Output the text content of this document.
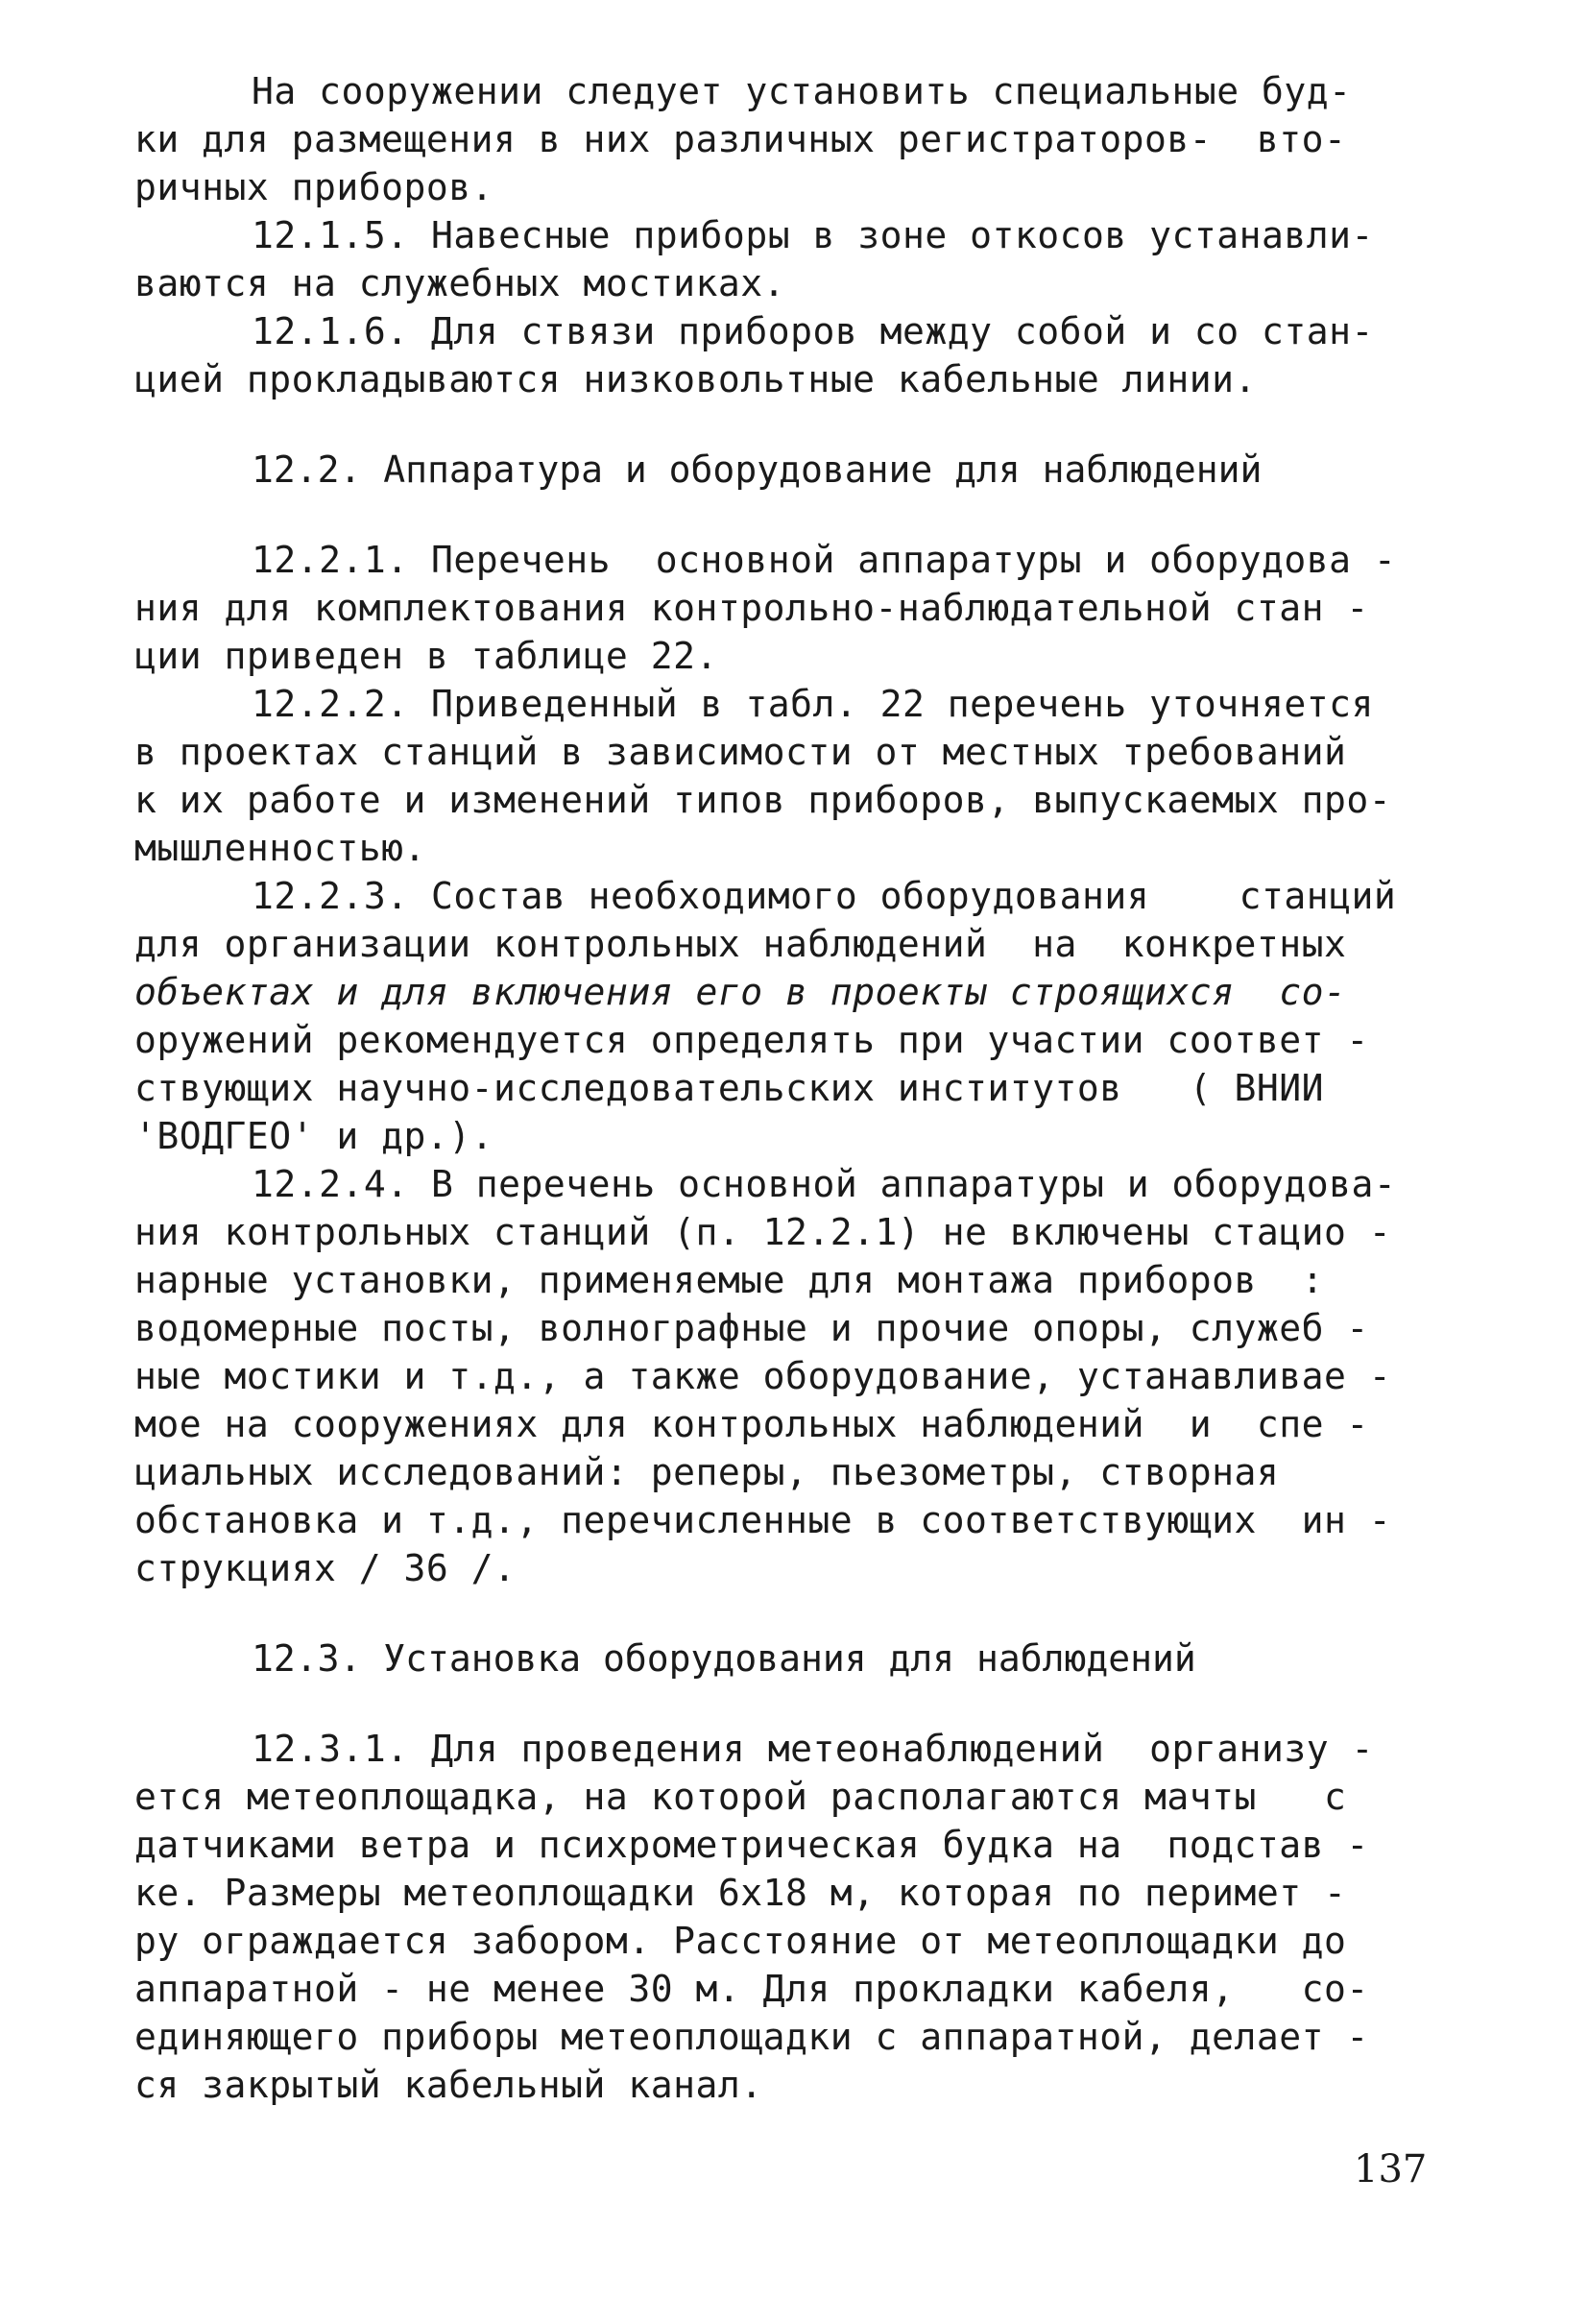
На сооружении следует установить специальные буд-
ки для размещения в них различных регистраторов-  вто-
ричных приборов.
12.1.5. Навесные приборы в зоне откосов устанавли-
ваются на служебных мостиках.
12.1.6. Для ствязи приборов между собой и со стан-
цией прокладываются низковольтные кабельные линии.
12.2. Аппаратура и оборудование для наблюдений
12.2.1. Перечень  основной аппаратуры и оборудова -
ния для комплектования контрольно-наблюдательной стан -
ции приведен в таблице 22.
12.2.2. Приведенный в табл. 22 перечень уточняется
в проектах станций в зависимости от местных требований
к их работе и изменений типов приборов, выпускаемых про-
мышленностью.
12.2.3. Состав необходимого оборудования    станций
для организации контрольных наблюдений  на  конкретных
объектах и для включения его в проекты строящихся  со-
оружений рекомендуется определять при участии соответ -
ствующих научно-исследовательских институтов   ( ВНИИ
'ВОДГЕО' и др.).
12.2.4. В перечень основной аппаратуры и оборудова-
ния контрольных станций (п. 12.2.1) не включены стацио -
нарные установки, применяемые для монтажа приборов  :
водомерные посты, волнографные и прочие опоры, служеб -
ные мостики и т.д., а также оборудование, устанавливае -
мое на сооружениях для контрольных наблюдений  и  спе -
циальных исследований: реперы, пьезометры, створная
обстановка и т.д., перечисленные в соответствующих  ин -
струкциях / 36 /.
12.3. Установка оборудования для наблюдений
12.3.1. Для проведения метеонаблюдений  организу -
ется метеоплощадка, на которой располагаются мачты   с
датчиками ветра и психрометрическая будка на  подстав -
ке. Размеры метеоплощадки 6x18 м, которая по перимет -
ру ограждается забором. Расстояние от метеоплощадки до
аппаратной - не менее 30 м. Для прокладки кабеля,   со-
единяющего приборы метеоплощадки с аппаратной, делает -
ся закрытый кабельный канал.
137
